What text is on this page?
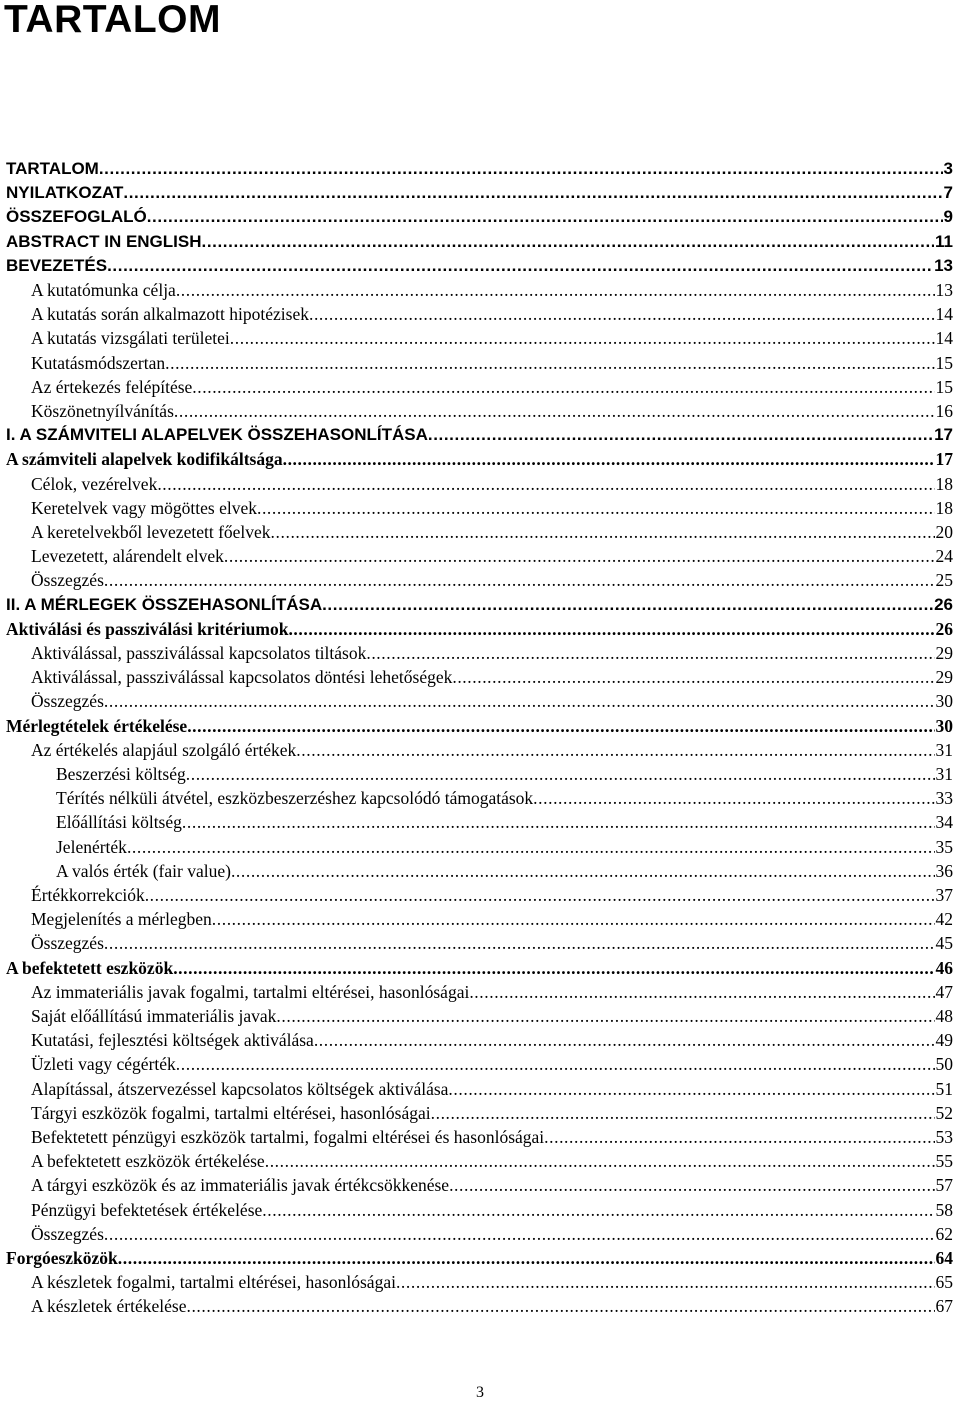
TARTALOM
TARTALOM .....	3
NYILATKOZAT .....	7
ÖSSZEFOGLALÓ .....	9
ABSTRACT IN ENGLISH .....	11
BEVEZETÉS .....	13
A kutatómunka célja .....	13
A kutatás során alkalmazott hipotézisek .....	14
A kutatás vizsgálati területei .....	14
Kutatásmódszertan .....	15
Az értekezés felépítése .....	15
Köszönetnyílvánítás .....	16
I. A SZÁMVITELI ALAPELVEK ÖSSZEHASONLÍTÁSA .....	17
A számviteli alapelvek kodifikáltsága .....	17
Célok, vezérelvek .....	18
Keretelvek vagy mögöttes elvek .....	18
A keretelvekből levezetett főelvek .....	20
Levezetett, alárendelt elvek .....	24
Összegzés .....	25
II. A MÉRLEGEK ÖSSZEHASONLÍTÁSA .....	26
Aktiválási és passziválási kritériumok .....	26
Aktiválással, passziválással kapcsolatos tiltások .....	29
Aktiválással, passziválással kapcsolatos döntési lehetőségek .....	29
Összegzés .....	30
Mérlegtételek értékelése .....	30
Az értékelés alapjául szolgáló értékek .....	31
Beszerzési költség .....	31
Térítés nélküli átvétel, eszközbeszerzéshez kapcsolódó támogatások .....	33
Előállítási költség .....	34
Jelenérték .....	35
A valós érték (fair value) .....	36
Értékkorrekciók .....	37
Megjelenítés a mérlegben .....	42
Összegzés .....	45
A befektetett eszközök .....	46
Az immateriális javak fogalmi, tartalmi eltérései, hasonlóságai .....	47
Saját előállítású immateriális javak .....	48
Kutatási, fejlesztési költségek aktiválása .....	49
Üzleti vagy cégérték .....	50
Alapítással, átszervezéssel kapcsolatos költségek aktiválása .....	51
Tárgyi eszközök fogalmi, tartalmi eltérései, hasonlóságai .....	52
Befektetett pénzügyi eszközök tartalmi, fogalmi eltérései és hasonlóságai .....	53
A befektetett eszközök értékelése .....	55
A tárgyi eszközök és az immateriális javak értékcsökkenése .....	57
Pénzügyi befektetések értékelése .....	58
Összegzés .....	62
Forgóeszközök .....	64
A készletek fogalmi, tartalmi eltérései, hasonlóságai .....	65
A készletek értékelése .....	67
3
